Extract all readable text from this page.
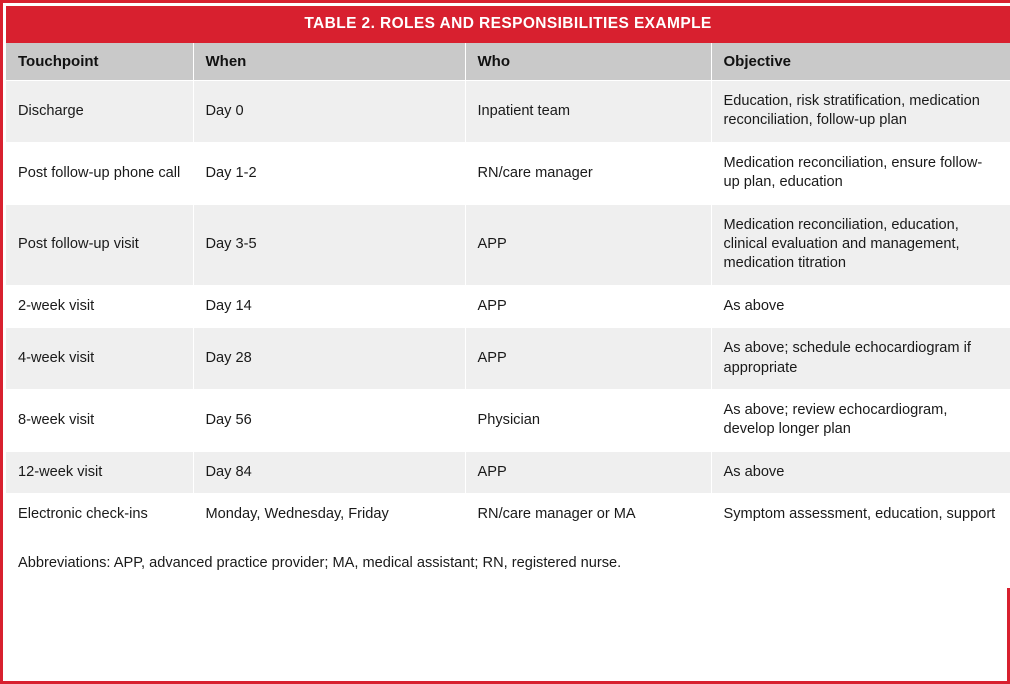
TABLE 2. ROLES AND RESPONSIBILITIES EXAMPLE			
Touchpoint	When	Who	Objective
Discharge	Day 0	Inpatient team	Education, risk stratification, medication reconciliation, follow-up plan
Post follow-up phone call	Day 1-2	RN/care manager	Medication reconciliation, ensure follow-up plan, education
Post follow-up visit	Day 3-5	APP	Medication reconciliation, education, clinical evaluation and management, medication titration
2-week visit	Day 14	APP	As above
4-week visit	Day 28	APP	As above; schedule echocardiogram if appropriate
8-week visit	Day 56	Physician	As above; review echocardiogram, develop longer plan
12-week visit	Day 84	APP	As above
Electronic check-ins	Monday, Wednesday, Friday	RN/care manager or MA	Symptom assessment, education, support

Abbreviations: APP, advanced practice provider; MA, medical assistant; RN, registered nurse.			
